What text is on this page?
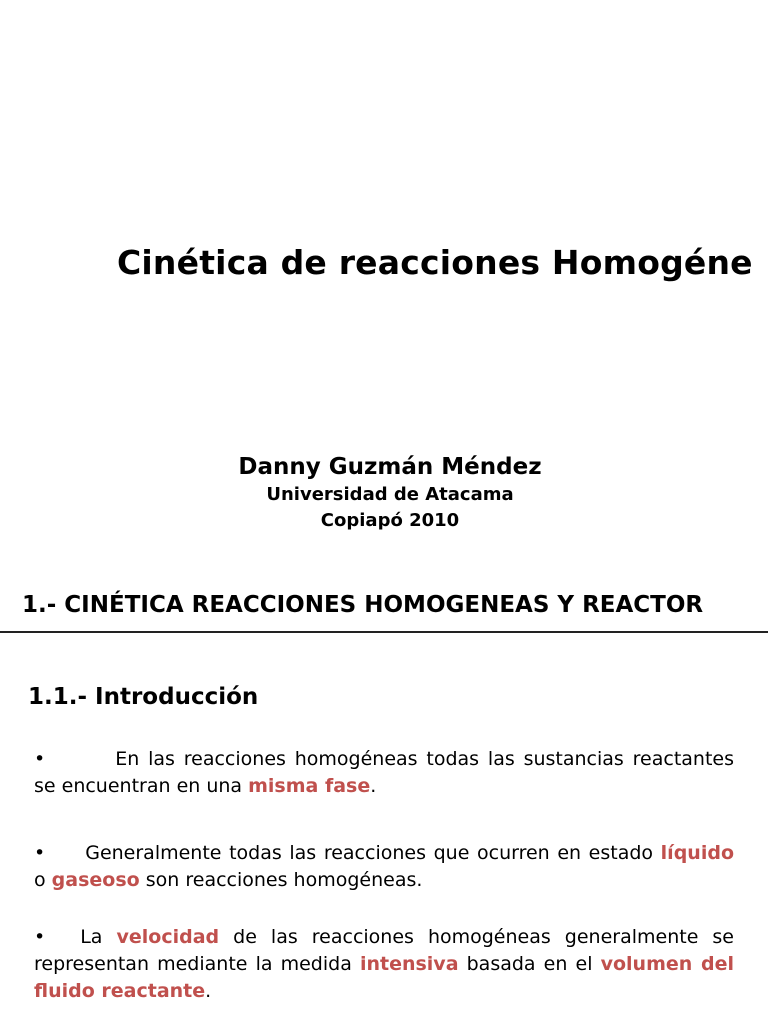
Cinética de reacciones Homogéne
Danny Guzmán Méndez
Universidad de Atacama
Copiapó 2010
1.- CINÉTICA REACCIONES HOMOGENEAS Y REACTOR
1.1.- Introducción
•	En las reacciones homogéneas todas las sustancias reactantes se encuentran en una misma fase.
• Generalmente todas las reacciones que ocurren en estado líquido o gaseoso son reacciones homogéneas.
• La velocidad de las reacciones homogéneas generalmente se representan mediante la medida intensiva basada en el volumen del fluido reactante.
